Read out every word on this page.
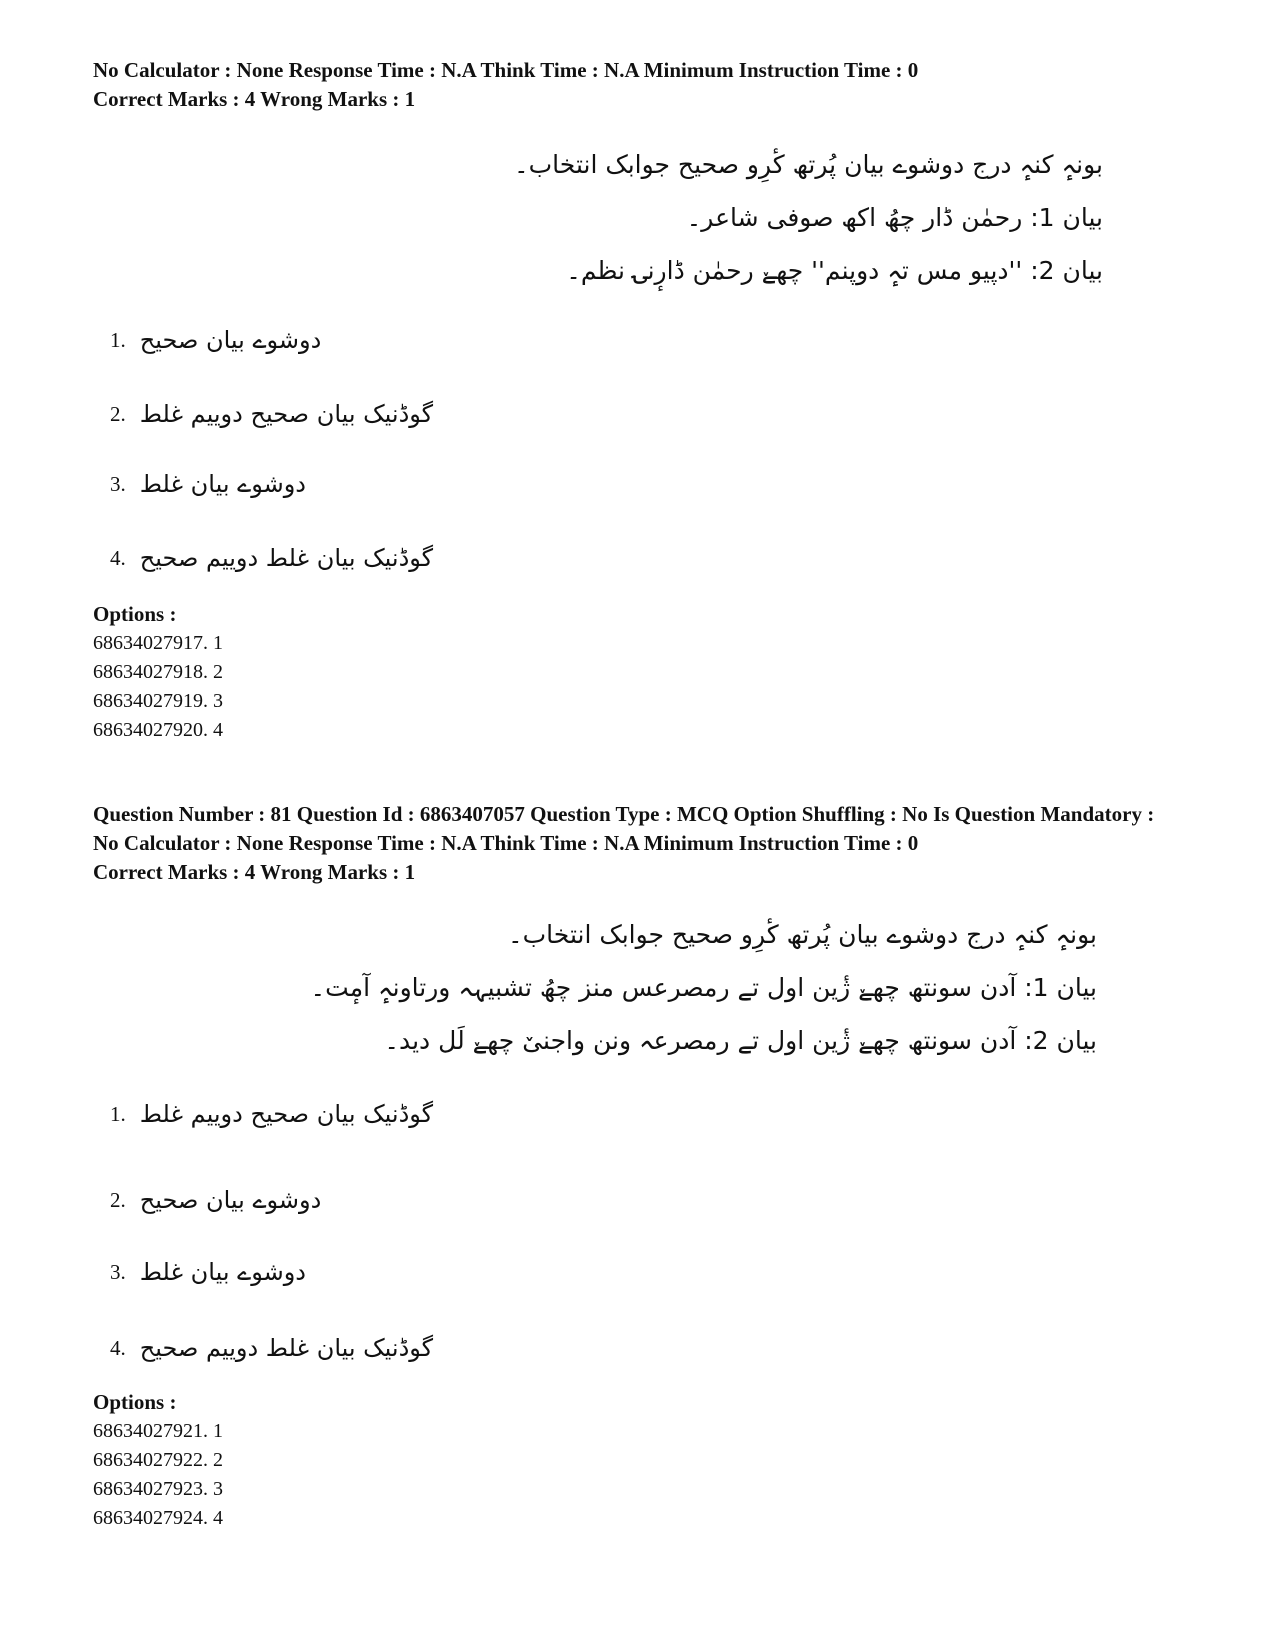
No Calculator : None Response Time : N.A Think Time : N.A Minimum Instruction Time : 0
Correct Marks : 4 Wrong Marks : 1
بونہٕ کنہٕ درج دوشوے بیان پُرتھ کٔرِو صحیح جوابک انتخاب۔
بیان 1: رحمٰن ڈار چھُ اکھ صوفی شاعر۔
بیان 2: ''دپیو مس تہٕ دوپنم'' چھےٚ رحمٰن ڈارٕنۍ نظم۔
1. دوشوے بیان صحیح
2. گوڈنیک بیان صحیح دوییم غلط
3. دوشوے بیان غلط
4. گوڈنیک بیان غلط دوییم صحیح
Options :
68634027917. 1
68634027918. 2
68634027919. 3
68634027920. 4
Question Number : 81 Question Id : 6863407057 Question Type : MCQ Option Shuffling : No Is Question Mandatory :
No Calculator : None Response Time : N.A Think Time : N.A Minimum Instruction Time : 0
Correct Marks : 4 Wrong Marks : 1
بونہٕ کنہٕ درج دوشوے بیان پُرتھ کٔرِو صحیح جوابک انتخاب۔
بیان 1: آدن سونتھ چھےٚ ژٔین اول تے رمصرعس منز چھُ تشبیہہ ورتاونہٕ آمٕت۔
بیان 2: آدن سونتھ چھےٚ ژٔین اول تے رمصرعہ ونن واجنیٚ چھےٚ لَل دید۔
1. گوڈنیک بیان صحیح دوییم غلط
2. دوشوے بیان صحیح
3. دوشوے بیان غلط
4. گوڈنیک بیان غلط دوییم صحیح
Options :
68634027921. 1
68634027922. 2
68634027923. 3
68634027924. 4
